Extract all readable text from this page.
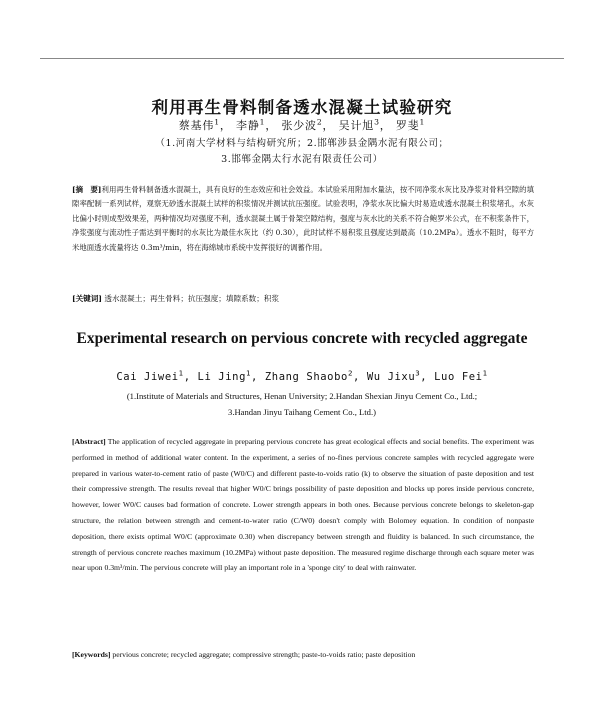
利用再生骨料制备透水混凝土试验研究
蔡基伟$^1$， 李静$^1$， 张少波$^2$， 吴计旭$^3$， 罗斐$^1$
（1.河南大学材料与结构研究所；2.邯郸涉县金隅水泥有限公司；
3.邯郸金隅太行水泥有限责任公司）
[摘　要]利用再生骨料制备透水混凝土，具有良好的生态效应和社会效益。本试验采用附加水量法，按不同净浆水灰比及净浆对骨料空隙的填隙率配制一系列试样，观察无砂透水混凝土试样的积浆情况并测试抗压强度。试验表明，净浆水灰比偏大时易造成透水混凝土积浆堵孔，水灰比偏小时则成型效果差，两种情况均对强度不利，透水混凝土属于骨架空隙结构，强度与灰水比的关系不符合鲍罗米公式，在不积浆条件下，净浆强度与流动性子需达到平衡时的水灰比为最佳水灰比（约 0.30），此时试样不易积浆且强度达到最高（10.2MPa）。透水不阻时，每平方米地面透水流量将达 0.3m³/min，将在海绵城市系统中发挥很好的调蓄作用。
[关键词] 透水混凝土；再生骨料；抗压强度；填隙系数；积浆
Experimental research on pervious concrete with recycled aggregate
Cai Jiwei$^1$, Li Jing$^1$, Zhang Shaobo$^2$, Wu Jixu$^3$, Luo Fei$^1$
(1.Institute of Materials and Structures, Henan University; 2.Handan Shexian Jinyu Cement Co., Ltd.;
3.Handan Jinyu Taihang Cement Co., Ltd.)
[Abstract] The application of recycled aggregate in preparing pervious concrete has great ecological effects and social benefits. The experiment was performed in method of additional water content. In the experiment, a series of no-fines pervious concrete samples with recycled aggregate were prepared in various water-to-cement ratio of paste (W0/C) and different paste-to-voids ratio (k) to observe the situation of paste deposition and test their compressive strength. The results reveal that higher W0/C brings possibility of paste deposition and blocks up pores inside pervious concrete, however, lower W0/C causes bad formation of concrete. Lower strength appears in both ones. Because pervious concrete belongs to skeleton-gap structure, the relation between strength and cement-to-water ratio (C/W0) doesn't comply with Bolomey equation. In condition of nonpaste deposition, there exists optimal W0/C (approximate 0.30) when discrepancy between strength and fluidity is balanced. In such circumstance, the strength of pervious concrete reaches maximum (10.2MPa) without paste deposition. The measured regime discharge through each square meter was near upon 0.3m³/min. The pervious concrete will play an important role in a 'sponge city' to deal with rainwater.
[Keywords] pervious concrete; recycled aggregate; compressive strength; paste-to-voids ratio; paste deposition
